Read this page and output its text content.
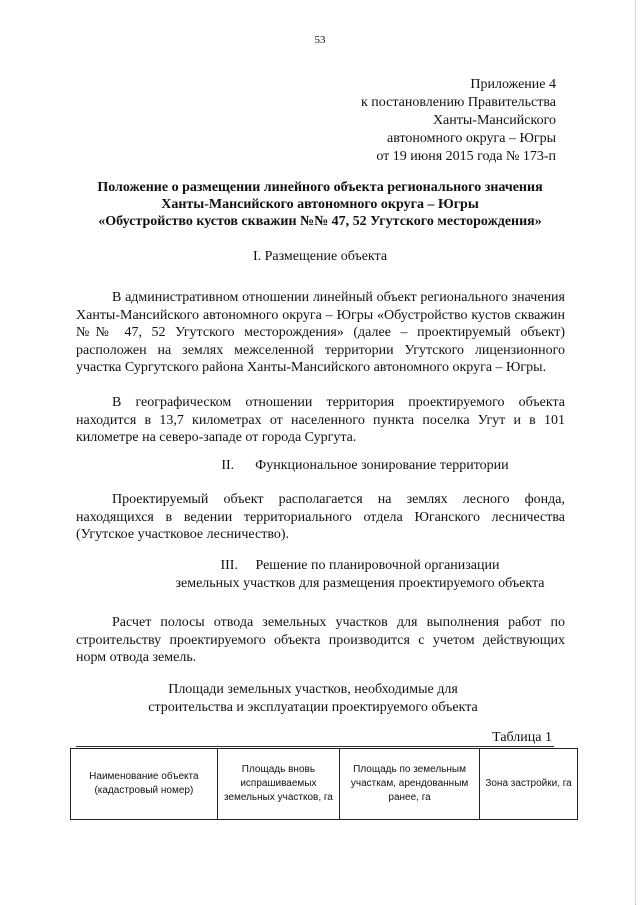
53
Приложение 4
к постановлению Правительства
Ханты-Мансийского
автономного округа – Югры
от 19 июня 2015 года № 173-п
Положение о размещении линейного объекта регионального значения
Ханты-Мансийского автономного округа – Югры
«Обустройство кустов скважин №№ 47, 52 Угутского месторождения»
I. Размещение объекта
В административном отношении линейный объект регионального значения Ханты-Мансийского автономного округа – Югры «Обустройство кустов скважин №№ 47, 52 Угутского месторождения» (далее – проектируемый объект) расположен на землях межселенной территории Угутского лицензионного участка Сургутского района Ханты-Мансийского автономного округа – Югры.
В географическом отношении территория проектируемого объекта находится в 13,7 километрах от населенного пункта поселка Угут и в 101 километре на северо-западе от города Сургута.
II.      Функциональное зонирование территории
Проектируемый объект располагается на землях лесного фонда, находящихся в ведении территориального отдела Юганского лесничества (Угутское участковое лесничество).
III.     Решение по планировочной организации
земельных участков для размещения проектируемого объекта
Расчет полосы отвода земельных участков для выполнения работ по строительству проектируемого объекта производится с учетом действующих норм отвода земель.
Площади земельных участков, необходимые для
строительства и эксплуатации проектируемого объекта
Таблица 1
Наименование объекта (кадастровый номер)	Площадь вновь испрашиваемых земельных участков, га	Площадь по земельным участкам, арендованным ранее, га	Зона застройки, га
